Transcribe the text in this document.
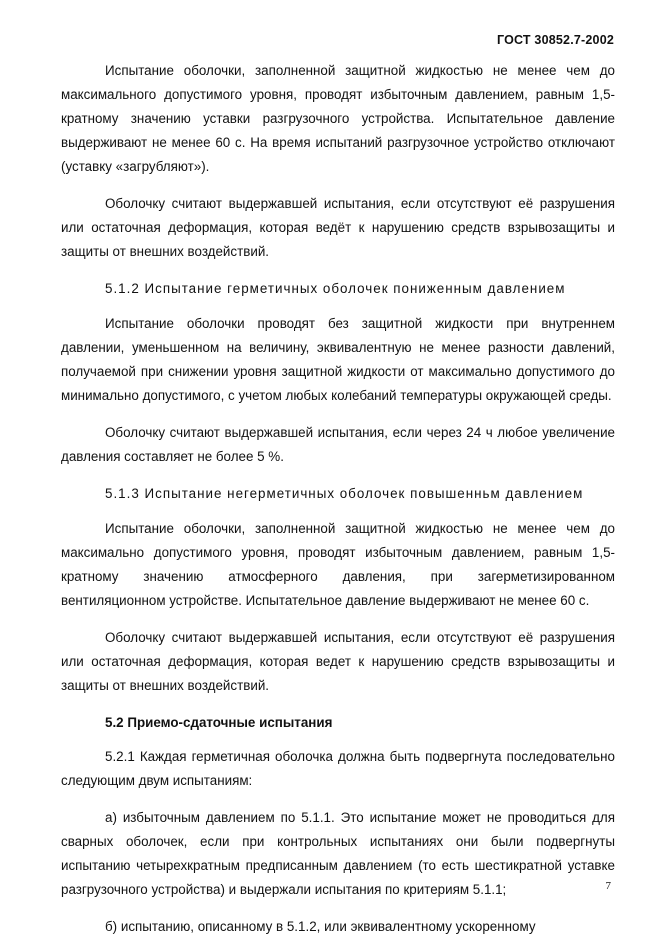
ГОСТ 30852.7-2002

Испытание оболочки, заполненной защитной жидкостью не менее чем до максимального допустимого уровня, проводят избыточным давлением, равным 1,5-кратному значению уставки разгрузочного устройства. Испытательное давление выдерживают не менее 60 с. На время испытаний разгрузочное устройство отключают (уставку «загрубляют»).

Оболочку считают выдержавшей испытания, если отсутствуют её разрушения или остаточная деформация, которая ведёт к нарушению средств взрывозащиты и защиты от внешних воздействий.

5.1.2 Испытание герметичных оболочек пониженным давлением

Испытание оболочки проводят без защитной жидкости при внутреннем давлении, уменьшенном на величину, эквивалентную не менее разности давлений, получаемой при снижении уровня защитной жидкости от максимально допустимого до минимально допустимого, с учетом любых колебаний температуры окружающей среды.

Оболочку считают выдержавшей испытания, если через 24 ч любое увеличение давления составляет не более 5 %.

5.1.3 Испытание негерметичных оболочек повышенньм давлением

Испытание оболочки, заполненной защитной жидкостью не менее чем до максимально допустимого уровня, проводят избыточным давлением, равным 1,5-кратному значению атмосферного давления, при загерметизированном вентиляционном устройстве. Испытательное давление выдерживают не менее 60 с.

Оболочку считают выдержавшей испытания, если отсутствуют её разрушения или остаточная деформация, которая ведет к нарушению средств взрывозащиты и защиты от внешних воздействий.

5.2 Приемо-сдаточные испытания

5.2.1 Каждая герметичная оболочка должна быть подвергнута последовательно следующим двум испытаниям:

а) избыточным давлением по 5.1.1. Это испытание может не проводиться для сварных оболочек, если при контрольных испытаниях они были подвергнуты испытанию четырехкратным предписанным давлением (то есть шестикратной уставке разгрузочного устройства) и выдержали испытания по критериям 5.1.1;

б) испытанию, описанному в 5.1.2, или эквивалентному ускоренному

7
